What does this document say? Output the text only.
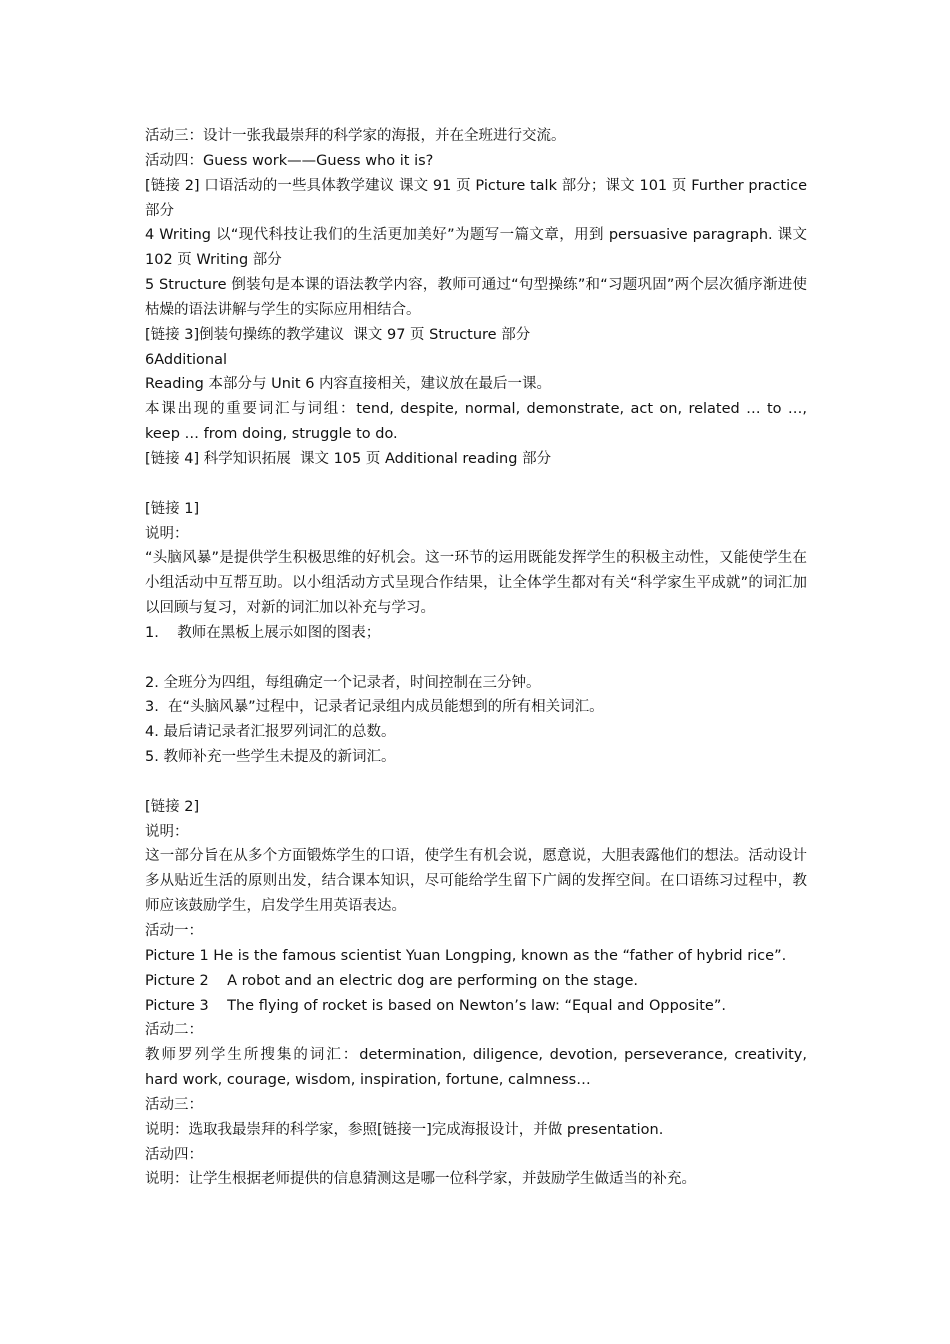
活动三：设计一张我最崇拜的科学家的海报，并在全班进行交流。
活动四：Guess work——Guess who it is?
[链接 2] 口语活动的一些具体教学建议 课文 91 页 Picture talk 部分；课文 101 页 Further practice 部分
4 Writing 以“现代科技让我们的生活更加美好”为题写一篇文章，用到 persuasive paragraph. 课文 102 页 Writing 部分
5 Structure 倒装句是本课的语法教学内容，教师可通过“句型操练”和“习题巩固”两个层次循序渐进使枯燥的语法讲解与学生的实际应用相结合。
[链接 3]倒装句操练的教学建议  课文 97 页 Structure 部分
6Additional
Reading 本部分与 Unit 6 内容直接相关，建议放在最后一课。
本课出现的重要词汇与词组：tend, despite, normal, demonstrate, act on, related … to …, keep … from doing, struggle to do.
[链接 4] 科学知识拓展  课文 105 页 Additional reading 部分
[链接 1]
说明：
“头脑风暴”是提供学生积极思维的好机会。这一环节的运用既能发挥学生的积极主动性，又能使学生在小组活动中互帮互助。以小组活动方式呈现合作结果，让全体学生都对有关“科学家生平成就”的词汇加以回顾与复习，对新的词汇加以补充与学习。
1.    教师在黑板上展示如图的图表；
2. 全班分为四组，每组确定一个记录者，时间控制在三分钟。
3.  在“头脑风暴”过程中，记录者记录组内成员能想到的所有相关词汇。
4. 最后请记录者汇报罗列词汇的总数。
5. 教师补充一些学生未提及的新词汇。
[链接 2]
说明：
这一部分旨在从多个方面锻炼学生的口语，使学生有机会说，愿意说，大胆表露他们的想法。活动设计多从贴近生活的原则出发，结合课本知识，尽可能给学生留下广阔的发挥空间。在口语练习过程中，教师应该鼓励学生，启发学生用英语表达。
活动一：
Picture 1 He is the famous scientist Yuan Longping, known as the “father of hybrid rice”.
Picture 2    A robot and an electric dog are performing on the stage.
Picture 3    The flying of rocket is based on Newton’s law: “Equal and Opposite”.
活动二：
教师罗列学生所搜集的词汇：determination, diligence, devotion, perseverance, creativity, hard work, courage, wisdom, inspiration, fortune, calmness…
活动三：
说明：选取我最崇拜的科学家，参照[链接一]完成海报设计，并做 presentation.
活动四：
说明：让学生根据老师提供的信息猜测这是哪一位科学家，并鼓励学生做适当的补充。
